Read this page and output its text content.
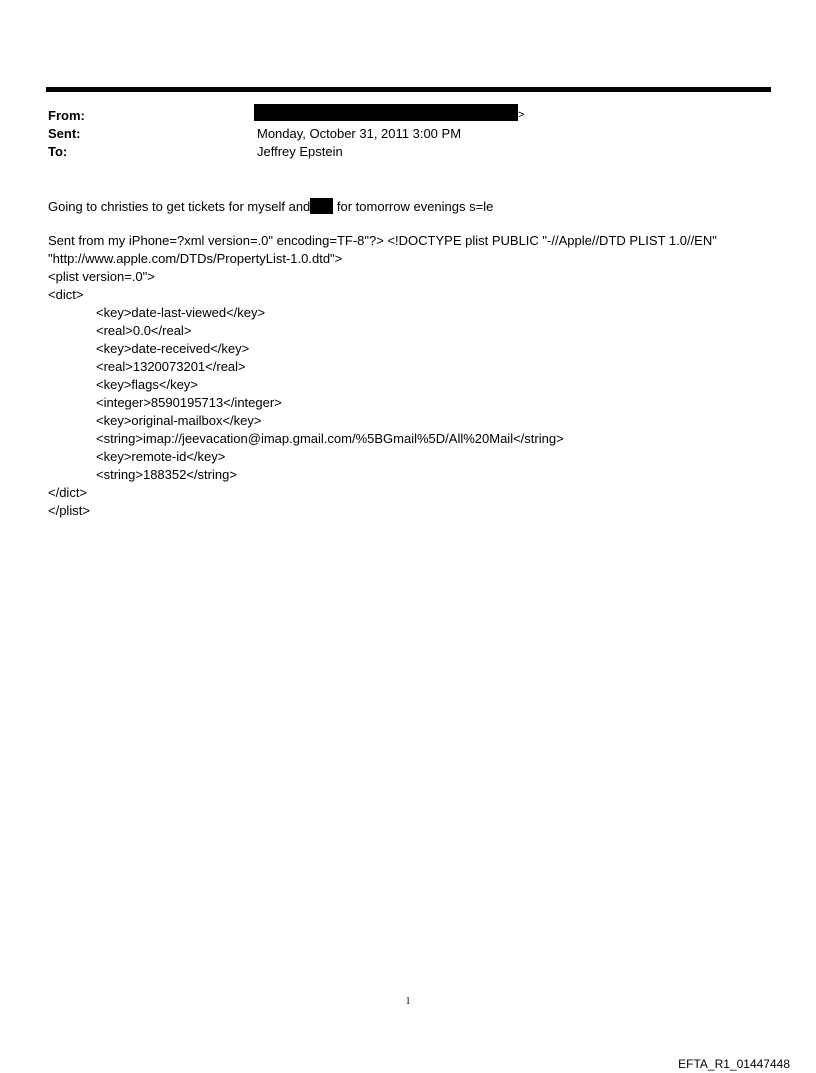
From:	>
Sent:	Monday, October 31, 2011 3:00 PM
To:	Jeffrey Epstein
Going to christies to get tickets for myself and for tomorrow evenings s=le
Sent from my iPhone=?xml version=.0" encoding=TF-8"?> <!DOCTYPE plist PUBLIC "-//Apple//DTD PLIST 1.0//EN"
"http://www.apple.com/DTDs/PropertyList-1.0.dtd">
<plist version=.0">
<dict>
<key>date-last-viewed</key>
<real>0.0</real>
<key>date-received</key>
<real>1320073201</real>
<key>flags</key>
<integer>8590195713</integer>
<key>original-mailbox</key>
<string>imap://jeevacation@imap.gmail.com/%5BGmail%5D/All%20Mail</string>
<key>remote-id</key>
<string>188352</string>
</dict>
</plist>
1
EFTA_R1_01447448
